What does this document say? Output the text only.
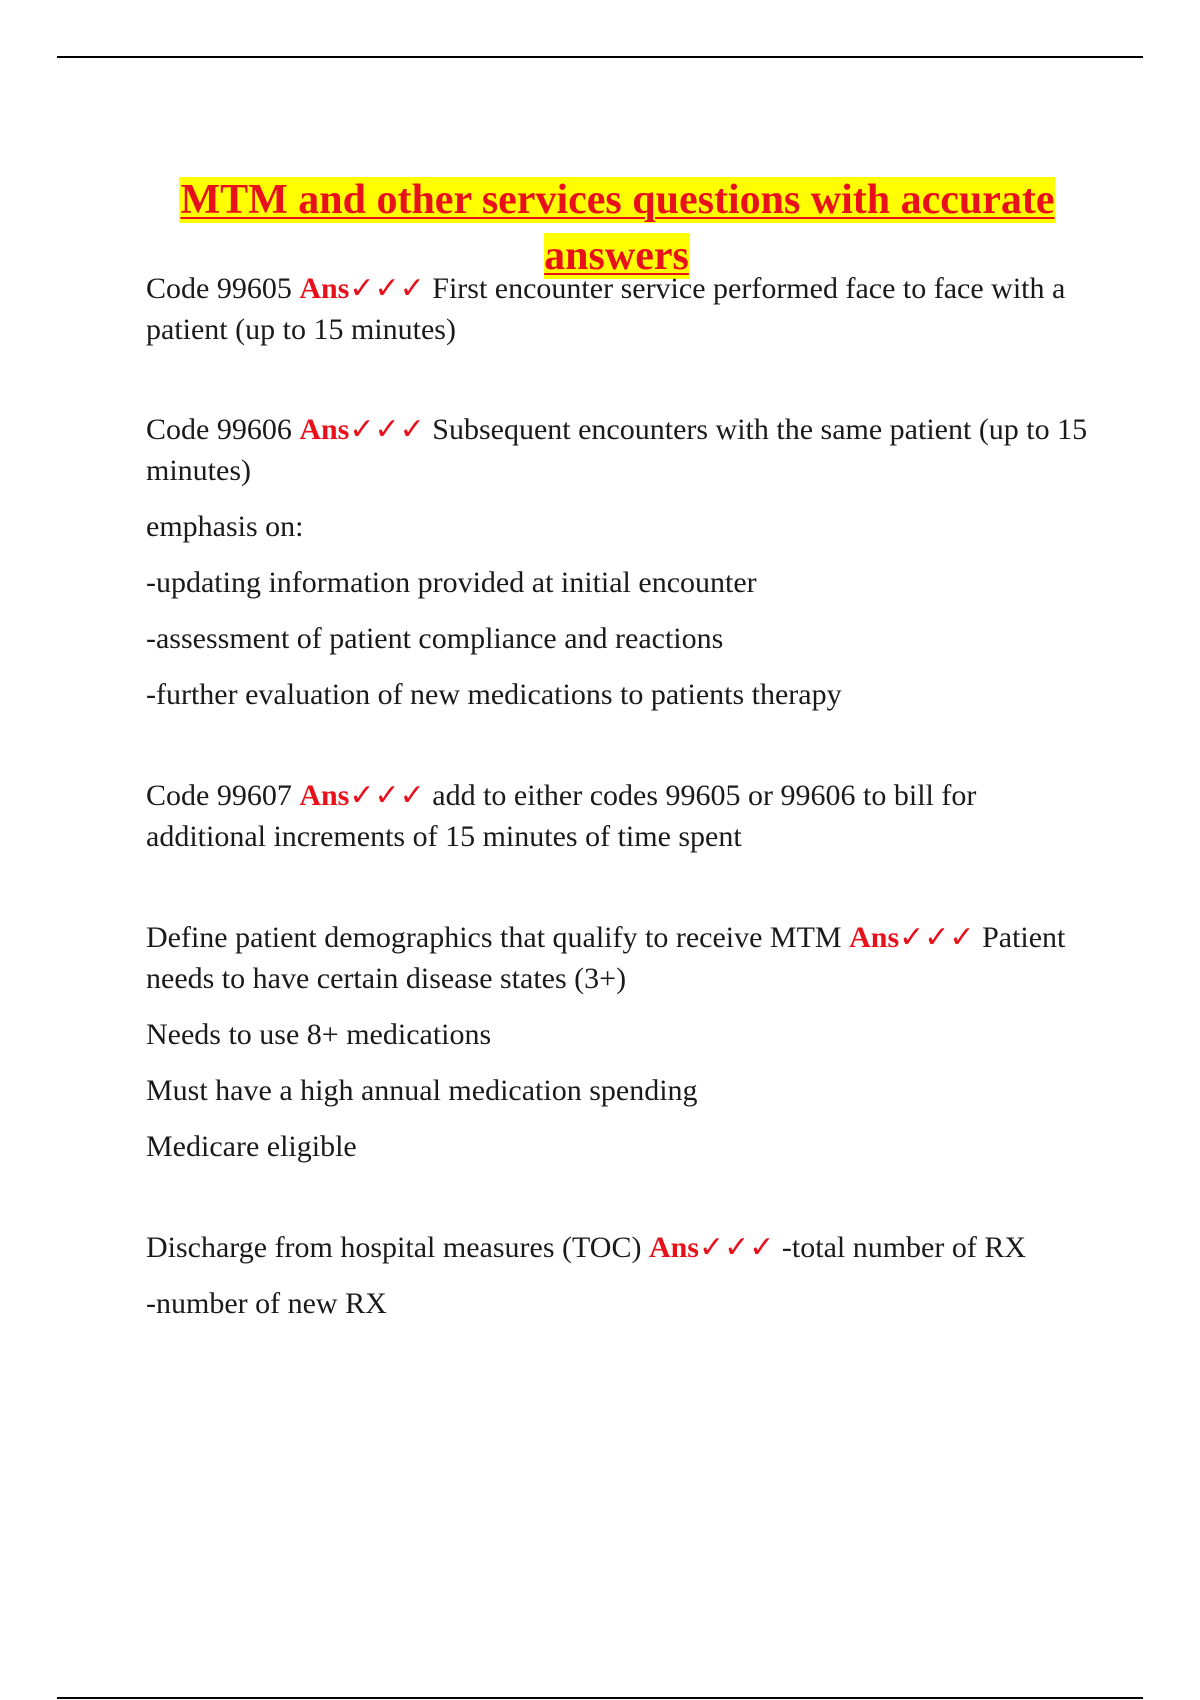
MTM and other services questions with accurate answers

Code 99605 Ans✓✓✓ First encounter service performed face to face with a patient (up to 15 minutes)

Code 99606 Ans✓✓✓ Subsequent encounters with the same patient (up to 15 minutes)

emphasis on:

-updating information provided at initial encounter

-assessment of patient compliance and reactions

-further evaluation of new medications to patients therapy

Code 99607 Ans✓✓✓ add to either codes 99605 or 99606 to bill for additional increments of 15 minutes of time spent

Define patient demographics that qualify to receive MTM Ans✓✓✓ Patient needs to have certain disease states (3+)

Needs to use 8+ medications

Must have a high annual medication spending

Medicare eligible

Discharge from hospital measures (TOC) Ans✓✓✓ -total number of RX

-number of new RX
